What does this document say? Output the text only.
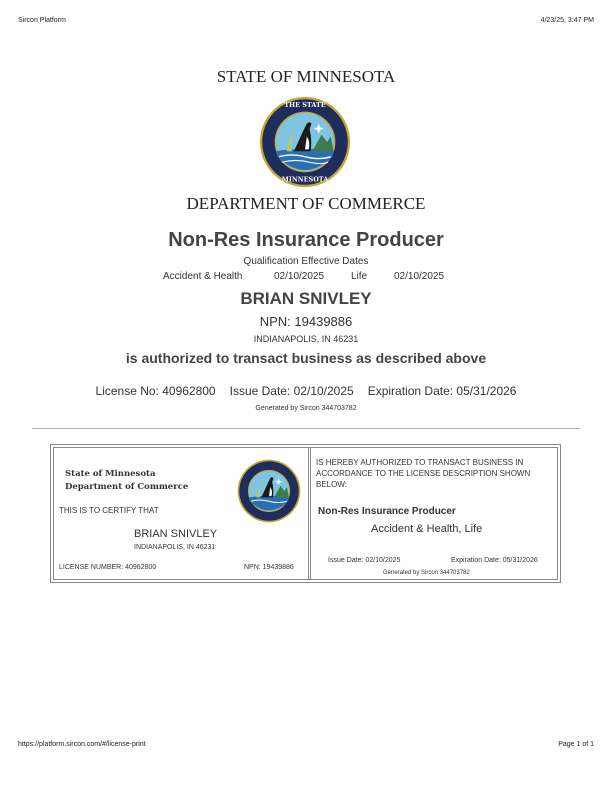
Sircon Platform	4/23/25, 3:47 PM
STATE OF MINNESOTA
THE STATE
MINNESOTA
DEPARTMENT OF COMMERCE
Non-Res Insurance Producer
Qualification Effective Dates
Accident & Health	02/10/2025	Life	02/10/2025
BRIAN SNIVLEY
NPN: 19439886
INDIANAPOLIS, IN 46231
is authorized to transact business as described above
License No: 40962800 Issue Date: 02/10/2025 Expiration Date: 05/31/2026
Generated by Sircon 344703782
State of Minnesota
Department of Commerce
THIS IS TO CERTIFY THAT
BRIAN SNIVLEY
INDIANAPOLIS, IN 46231
LICENSE NUMBER: 40962800	NPN: 19439886
IS HEREBY AUTHORIZED TO TRANSACT BUSINESS IN
ACCORDANCE TO THE LICENSE DESCRIPTION SHOWN
BELOW:
Non-Res Insurance Producer
Accident & Health, Life
Issue Date: 02/10/2025	Expiration Date: 05/31/2026
Generated by Sircon 344703782
https://platform.sircon.com/#/license-print	Page 1 of 1
